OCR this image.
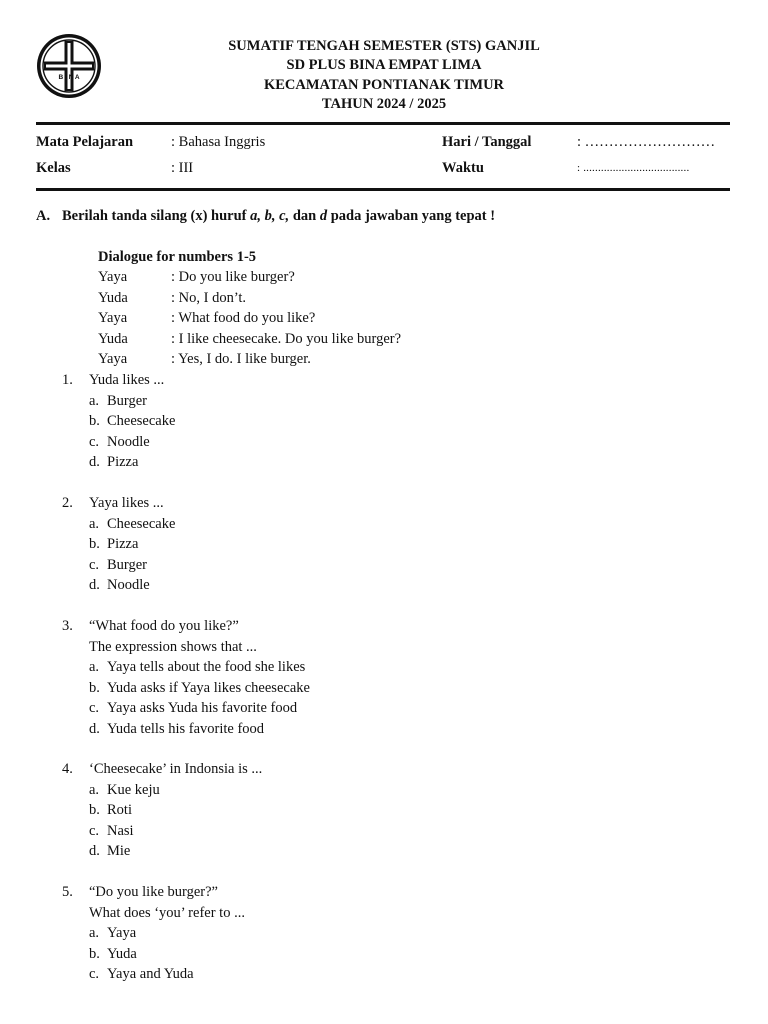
B I N A
SUMATIF TENGAH SEMESTER (STS) GANJIL
SD PLUS BINA EMPAT LIMA
KECAMATAN PONTIANAK TIMUR
TAHUN 2024 / 2025
Mata Pelajaran	: Bahasa Inggris	Hari / Tanggal	: ………………………
Kelas	: III	Waktu	: ....................................
A. Berilah tanda silang (x) huruf a, b, c, dan d pada jawaban yang tepat !
Dialogue for numbers 1-5
Yaya	: Do you like burger?
Yuda	: No, I don’t.
Yaya	: What food do you like?
Yuda	: I like cheesecake. Do you like burger?
Yaya	: Yes, I do. I like burger.
1. Yuda likes ...
a. Burger
b. Cheesecake
c. Noodle
d. Pizza
2. Yaya likes ...
a. Cheesecake
b. Pizza
c. Burger
d. Noodle
3. “What food do you like?”
The expression shows that ...
a. Yaya tells about the food she likes
b. Yuda asks if Yaya likes cheesecake
c. Yaya asks Yuda his favorite food
d. Yuda tells his favorite food
4. ‘Cheesecake’ in Indonsia is ...
a. Kue keju
b. Roti
c. Nasi
d. Mie
5. “Do you like burger?”
What does ‘you’ refer to ...
a. Yaya
b. Yuda
c. Yaya and Yuda
